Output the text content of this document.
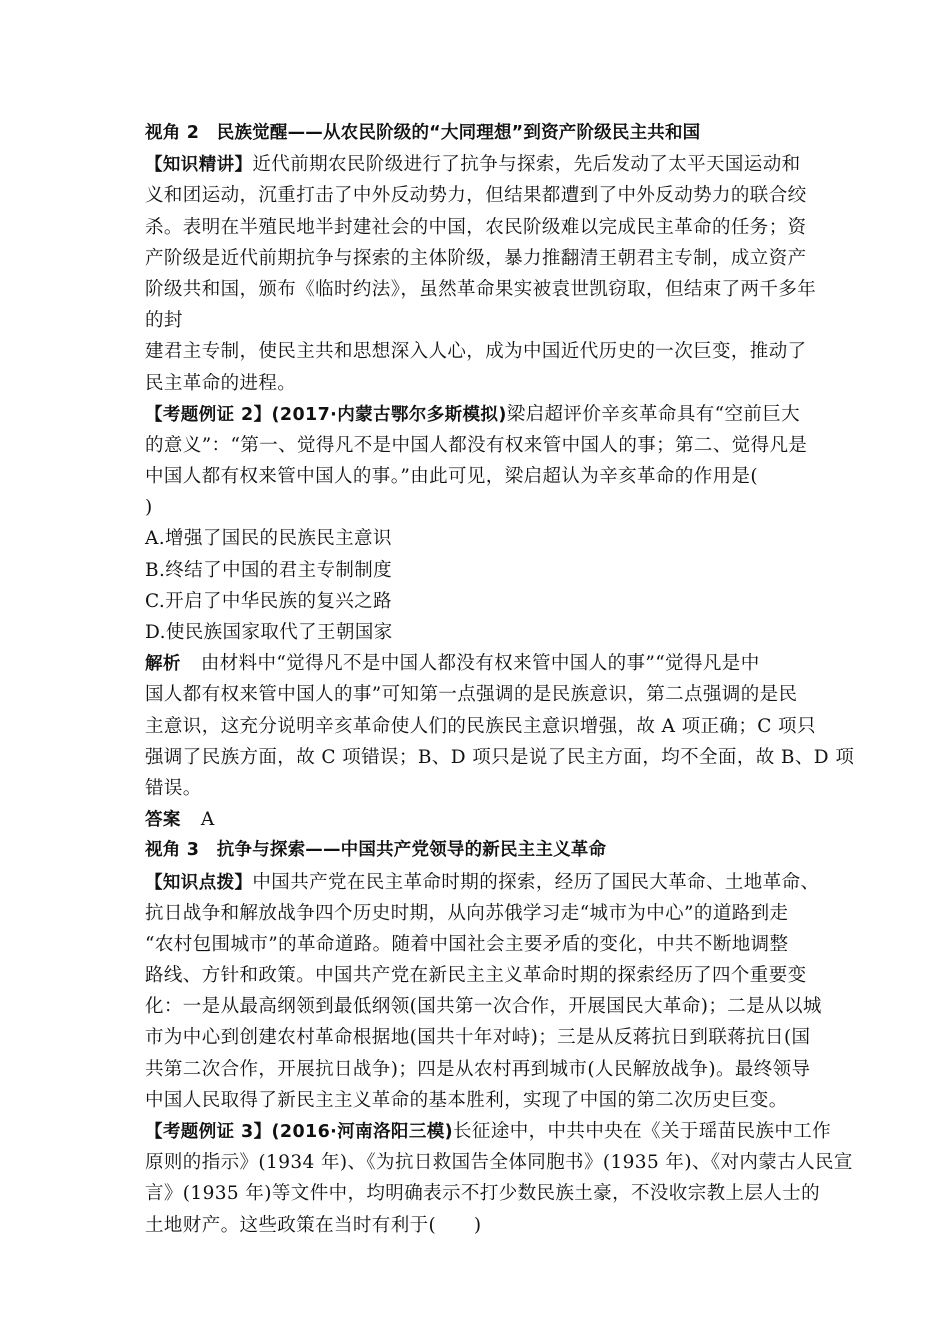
视角 2　民族觉醒——从农民阶级的“大同理想”到资产阶级民主共和国
【知识精讲】近代前期农民阶级进行了抗争与探索，先后发动了太平天国运动和
义和团运动，沉重打击了中外反动势力，但结果都遭到了中外反动势力的联合绞
杀。表明在半殖民地半封建社会的中国，农民阶级难以完成民主革命的任务；资
产阶级是近代前期抗争与探索的主体阶级，暴力推翻清王朝君主专制，成立资产
阶级共和国，颁布《临时约法》，虽然革命果实被袁世凯窃取，但结束了两千多年
的封
建君主专制，使民主共和思想深入人心，成为中国近代历史的一次巨变，推动了
民主革命的进程。
【考题例证 2】(2017·内蒙古鄂尔多斯模拟)梁启超评价辛亥革命具有“空前巨大
的意义”：“第一、觉得凡不是中国人都没有权来管中国人的事；第二、觉得凡是
中国人都有权来管中国人的事。”由此可见，梁启超认为辛亥革命的作用是(
)
A.增强了国民的民族民主意识
B.终结了中国的君主专制制度
C.开启了中华民族的复兴之路
D.使民族国家取代了王朝国家
解析 由材料中“觉得凡不是中国人都没有权来管中国人的事”“觉得凡是中
国人都有权来管中国人的事”可知第一点强调的是民族意识，第二点强调的是民
主意识，这充分说明辛亥革命使人们的民族民主意识增强，故 A 项正确；C 项只
强调了民族方面，故 C 项错误；B、D 项只是说了民主方面，均不全面，故 B、D 项
错误。
答案 A
视角 3　抗争与探索——中国共产党领导的新民主主义革命
【知识点拨】中国共产党在民主革命时期的探索，经历了国民大革命、土地革命、
抗日战争和解放战争四个历史时期，从向苏俄学习走“城市为中心”的道路到走
“农村包围城市”的革命道路。随着中国社会主要矛盾的变化，中共不断地调整
路线、方针和政策。中国共产党在新民主主义革命时期的探索经历了四个重要变
化：一是从最高纲领到最低纲领(国共第一次合作，开展国民大革命)；二是从以城
市为中心到创建农村革命根据地(国共十年对峙)；三是从反蒋抗日到联蒋抗日(国
共第二次合作，开展抗日战争)；四是从农村再到城市(人民解放战争)。最终领导
中国人民取得了新民主主义革命的基本胜利，实现了中国的第二次历史巨变。
【考题例证 3】(2016·河南洛阳三模)长征途中，中共中央在《关于瑶苗民族中工作
原则的指示》(1934 年)、《为抗日救国告全体同胞书》(1935 年)、《对内蒙古人民宣
言》(1935 年)等文件中，均明确表示不打少数民族土豪，不没收宗教上层人士的
土地财产。这些政策在当时有利于(　　)
